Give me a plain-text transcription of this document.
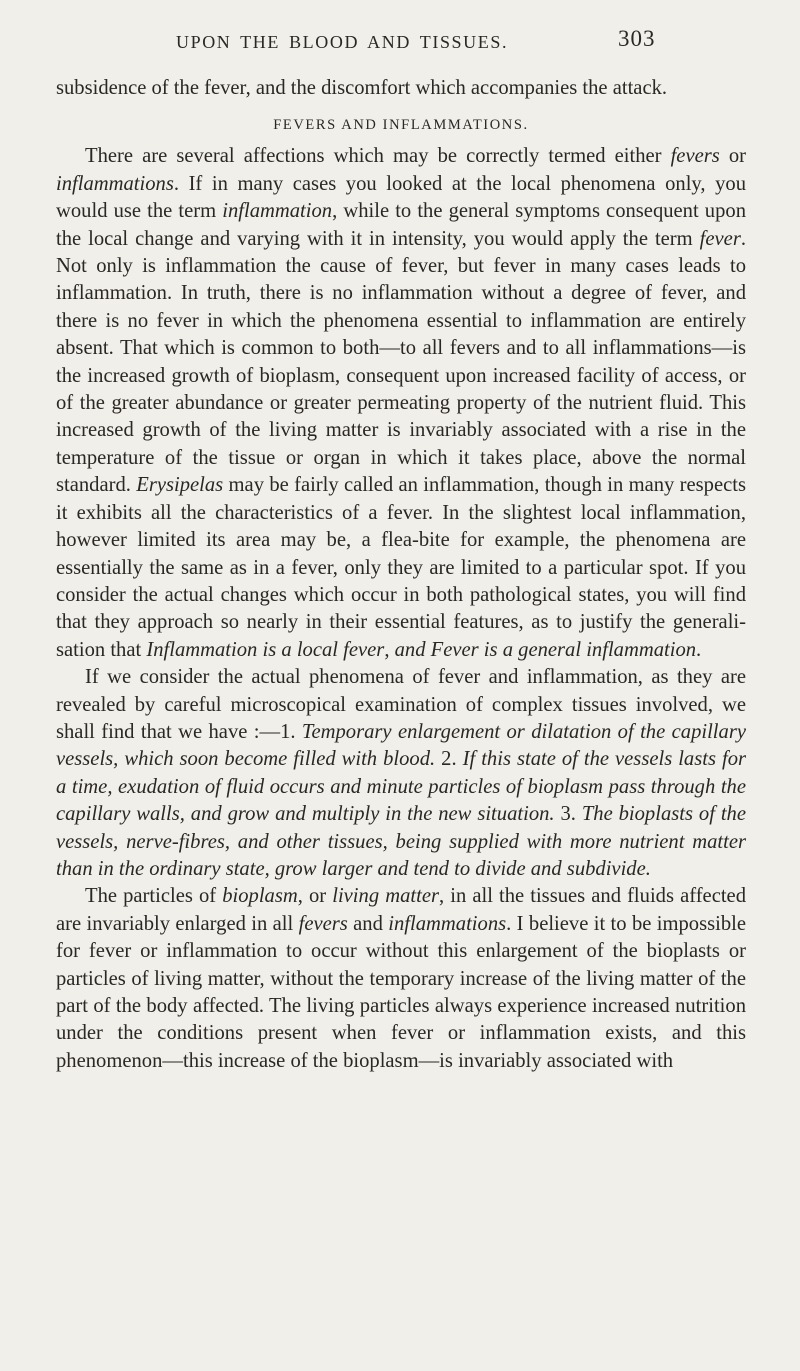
UPON THE BLOOD AND TISSUES.	303

subsidence of the fever, and the discomfort which accompanies the attack.

FEVERS AND INFLAMMATIONS.

There are several affections which may be correctly termed either fevers or inflammations. If in many cases you looked at the local phenomena only, you would use the term inflammation, while to the general symptoms consequent upon the local change and varying with it in intensity, you would apply the term fever. Not only is inflammation the cause of fever, but fever in many cases leads to inflammation. In truth, there is no inflammation without a degree of fever, and there is no fever in which the phenomena essential to inflammation are entirely absent. That which is common to both—to all fevers and to all inflammations—is the increased growth of bioplasm, consequent upon increased facility of access, or of the greater abundance or greater permeating property of the nutrient fluid. This increased growth of the living matter is invariably associated with a rise in the temperature of the tissue or organ in which it takes place, above the normal standard. Erysipelas may be fairly called an inflammation, though in many respects it exhibits all the characteristics of a fever. In the slightest local inflammation, however limited its area may be, a flea-bite for example, the phenomena are essentially the same as in a fever, only they are limited to a particular spot. If you consider the actual changes which occur in both pathological states, you will find that they approach so nearly in their essential features, as to justify the generalisation that Inflammation is a local fever, and Fever is a general inflammation.

If we consider the actual phenomena of fever and inflammation, as they are revealed by careful microscopical examination of complex tissues involved, we shall find that we have :—1. Temporary enlargement or dilatation of the capillary vessels, which soon become filled with blood. 2. If this state of the vessels lasts for a time, exudation of fluid occurs and minute particles of bioplasm pass through the capillary walls, and grow and multiply in the new situation. 3. The bioplasts of the vessels, nerve-fibres, and other tissues, being supplied with more nutrient matter than in the ordinary state, grow larger and tend to divide and subdivide.

The particles of bioplasm, or living matter, in all the tissues and fluids affected are invariably enlarged in all fevers and inflammations. I believe it to be impossible for fever or inflammation to occur without this enlargement of the bioplasts or particles of living matter, without the temporary increase of the living matter of the part of the body affected. The living particles always experience increased nutrition under the conditions present when fever or inflammation exists, and this phenomenon—this increase of the bioplasm—is invariably associated with
